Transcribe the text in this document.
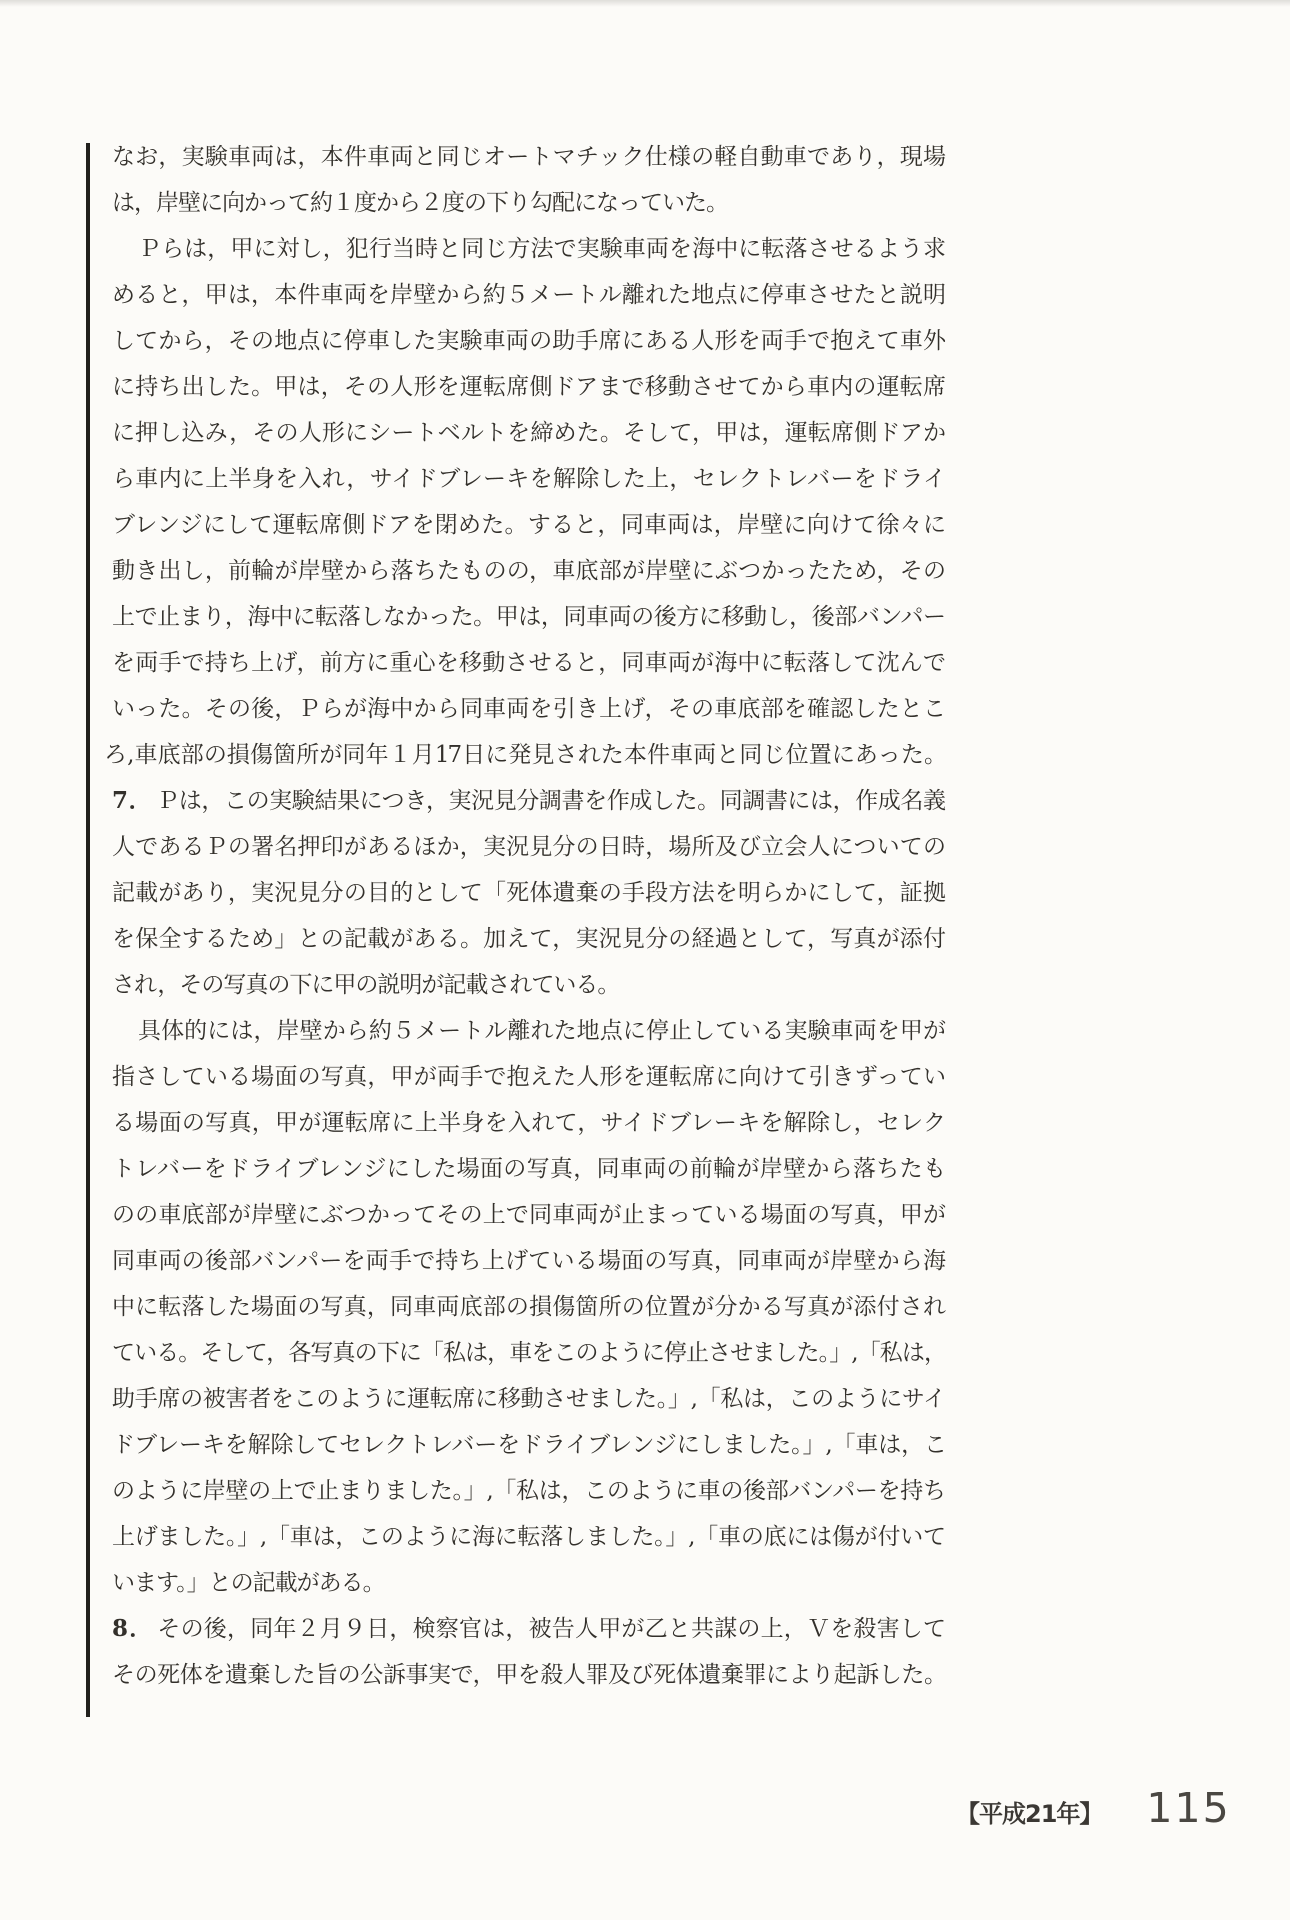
なお，実験車両は，本件車両と同じオートマチック仕様の軽自動車であり，現場
は，岸壁に向かって約１度から２度の下り勾配になっていた。
Ｐらは，甲に対し，犯行当時と同じ方法で実験車両を海中に転落させるよう求
めると，甲は，本件車両を岸壁から約５メートル離れた地点に停車させたと説明
してから，その地点に停車した実験車両の助手席にある人形を両手で抱えて車外
に持ち出した。甲は，その人形を運転席側ドアまで移動させてから車内の運転席
に押し込み，その人形にシートベルトを締めた。そして，甲は，運転席側ドアか
ら車内に上半身を入れ，サイドブレーキを解除した上，セレクトレバーをドライ
ブレンジにして運転席側ドアを閉めた。すると，同車両は，岸壁に向けて徐々に
動き出し，前輪が岸壁から落ちたものの，車底部が岸壁にぶつかったため，その
上で止まり，海中に転落しなかった。甲は，同車両の後方に移動し，後部バンパー
を両手で持ち上げ，前方に重心を移動させると，同車両が海中に転落して沈んで
いった。その後，Ｐらが海中から同車両を引き上げ，その車底部を確認したとこ
ろ,車底部の損傷箇所が同年１月17日に発見された本件車両と同じ位置にあった。
7． Ｐは，この実験結果につき，実況見分調書を作成した。同調書には，作成名義
人であるＰの署名押印があるほか，実況見分の日時，場所及び立会人についての
記載があり，実況見分の目的として「死体遺棄の手段方法を明らかにして，証拠
を保全するため」との記載がある。加えて，実況見分の経過として，写真が添付
され，その写真の下に甲の説明が記載されている。
具体的には，岸壁から約５メートル離れた地点に停止している実験車両を甲が
指さしている場面の写真，甲が両手で抱えた人形を運転席に向けて引きずってい
る場面の写真，甲が運転席に上半身を入れて，サイドブレーキを解除し，セレク
トレバーをドライブレンジにした場面の写真，同車両の前輪が岸壁から落ちたも
のの車底部が岸壁にぶつかってその上で同車両が止まっている場面の写真，甲が
同車両の後部バンパーを両手で持ち上げている場面の写真，同車両が岸壁から海
中に転落した場面の写真，同車両底部の損傷箇所の位置が分かる写真が添付され
ている。そして，各写真の下に「私は，車をこのように停止させました。」,「私は，
助手席の被害者をこのように運転席に移動させました。」,「私は，このようにサイ
ドブレーキを解除してセレクトレバーをドライブレンジにしました。」,「車は，こ
のように岸壁の上で止まりました。」,「私は，このように車の後部バンパーを持ち
上げました。」,「車は，このように海に転落しました。」,「車の底には傷が付いて
います。」との記載がある。
8． その後，同年２月９日，検察官は，被告人甲が乙と共謀の上，Ｖを殺害して
その死体を遺棄した旨の公訴事実で，甲を殺人罪及び死体遺棄罪により起訴した。
【平成21年】 115
